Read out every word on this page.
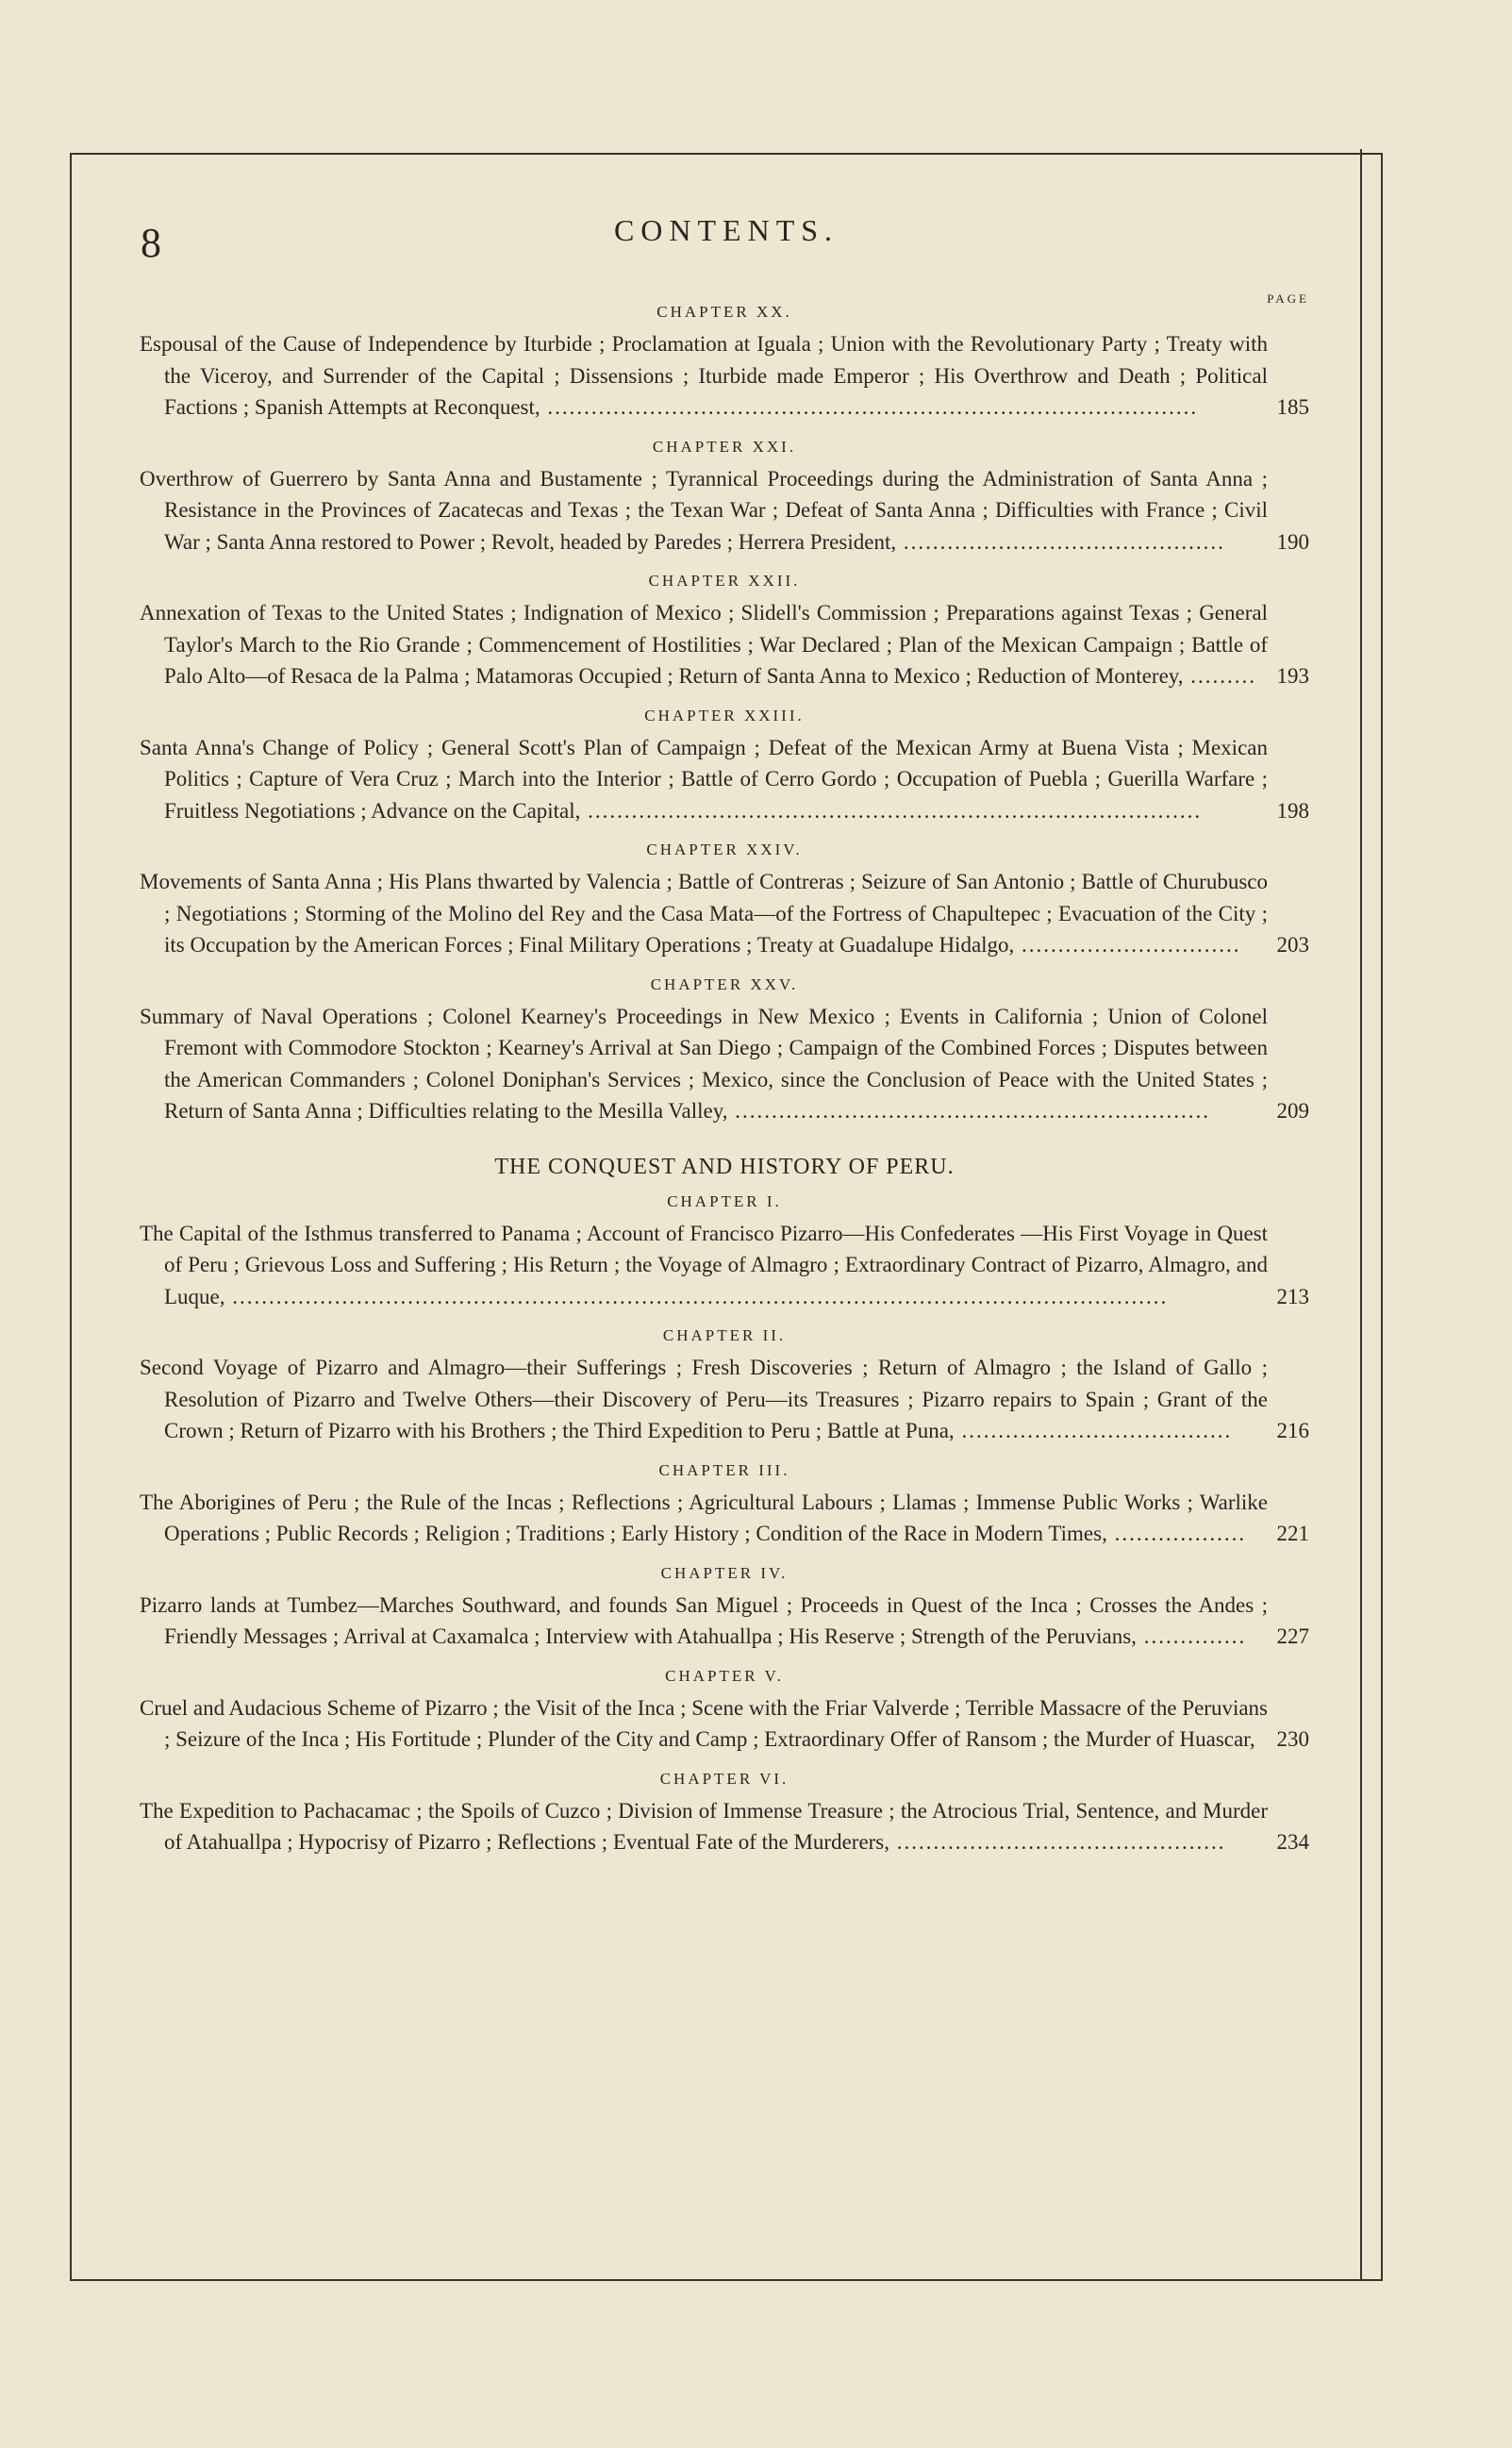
8	CONTENTS.
PAGE
CHAPTER XX.
Espousal of the Cause of Independence by Iturbide ; Proclamation at Iguala ; Union with the Revolutionary Party ; Treaty with the Viceroy, and Surrender of the Capital ; Dissensions ; Iturbide made Emperor ; His Overthrow and Death ; Political Factions ; Spanish Attempts at Reconquest, .........................................................................................	185
CHAPTER XXI.
Overthrow of Guerrero by Santa Anna and Bustamente ; Tyrannical Proceedings during the Administration of Santa Anna ; Resistance in the Provinces of Zacatecas and Texas ; the Texan War ; Defeat of Santa Anna ; Difficulties with France ; Civil War ; Santa Anna restored to Power ; Revolt, headed by Paredes ; Herrera President, ............................................ 190
CHAPTER XXII.
Annexation of Texas to the United States ; Indignation of Mexico ; Slidell's Commission ; Preparations against Texas ; General Taylor's March to the Rio Grande ; Commencement of Hostilities ; War Declared ; Plan of the Mexican Campaign ; Battle of Palo Alto—of Resaca de la Palma ; Matamoras Occupied ; Return of Santa Anna to Mexico ; Reduction of Monterey, ......... 193
CHAPTER XXIII.
Santa Anna's Change of Policy ; General Scott's Plan of Campaign ; Defeat of the Mexican Army at Buena Vista ; Mexican Politics ; Capture of Vera Cruz ; March into the Interior ; Battle of Cerro Gordo ; Occupation of Puebla ; Guerilla Warfare ; Fruitless Negotiations ; Advance on the Capital, ....................................................................................	198
CHAPTER XXIV.
Movements of Santa Anna ; His Plans thwarted by Valencia ; Battle of Contreras ; Seizure of San Antonio ; Battle of Churubusco ; Negotiations ; Storming of the Molino del Rey and the Casa Mata—of the Fortress of Chapultepec ; Evacuation of the City ; its Occupation by the American Forces ; Final Military Operations ; Treaty at Guadalupe Hidalgo, .............................. 203
CHAPTER XXV.
Summary of Naval Operations ; Colonel Kearney's Proceedings in New Mexico ; Events in California ; Union of Colonel Fremont with Commodore Stockton ; Kearney's Arrival at San Diego ; Campaign of the Combined Forces ; Disputes between the American Commanders ; Colonel Doniphan's Services ; Mexico, since the Conclusion of Peace with the United States ; Return of Santa Anna ; Difficulties relating to the Mesilla Valley, .................................................................	209
THE CONQUEST AND HISTORY OF PERU.
CHAPTER I.
The Capital of the Isthmus transferred to Panama ; Account of Francisco Pizarro—His Confederates —His First Voyage in Quest of Peru ; Grievous Loss and Suffering ; His Return ; the Voyage of Almagro ; Extraordinary Contract of Pizarro, Almagro, and Luque, ................................................................................................................................	213
CHAPTER II.
Second Voyage of Pizarro and Almagro—their Sufferings ; Fresh Discoveries ; Return of Almagro ; the Island of Gallo ; Resolution of Pizarro and Twelve Others—their Discovery of Peru—its Treasures ; Pizarro repairs to Spain ; Grant of the Crown ; Return of Pizarro with his Brothers ; the Third Expedition to Peru ; Battle at Puna, ..................................... 216
CHAPTER III.
The Aborigines of Peru ; the Rule of the Incas ; Reflections ; Agricultural Labours ; Llamas ; Immense Public Works ; Warlike Operations ; Public Records ; Religion ; Traditions ; Early History ; Condition of the Race in Modern Times, .................. 221
CHAPTER IV.
Pizarro lands at Tumbez—Marches Southward, and founds San Miguel ; Proceeds in Quest of the Inca ; Crosses the Andes ; Friendly Messages ; Arrival at Caxamalca ; Interview with Atahuallpa ; His Reserve ; Strength of the Peruvians, .............. 227
CHAPTER V.
Cruel and Audacious Scheme of Pizarro ; the Visit of the Inca ; Scene with the Friar Valverde ; Terrible Massacre of the Peruvians ; Seizure of the Inca ; His Fortitude ; Plunder of the City and Camp ; Extraordinary Offer of Ransom ; the Murder of Huascar, 230
CHAPTER VI.
The Expedition to Pachacamac ; the Spoils of Cuzco ; Division of Immense Treasure ; the Atrocious Trial, Sentence, and Murder of Atahuallpa ; Hypocrisy of Pizarro ; Reflections ; Eventual Fate of the Murderers, ............................................. 234
